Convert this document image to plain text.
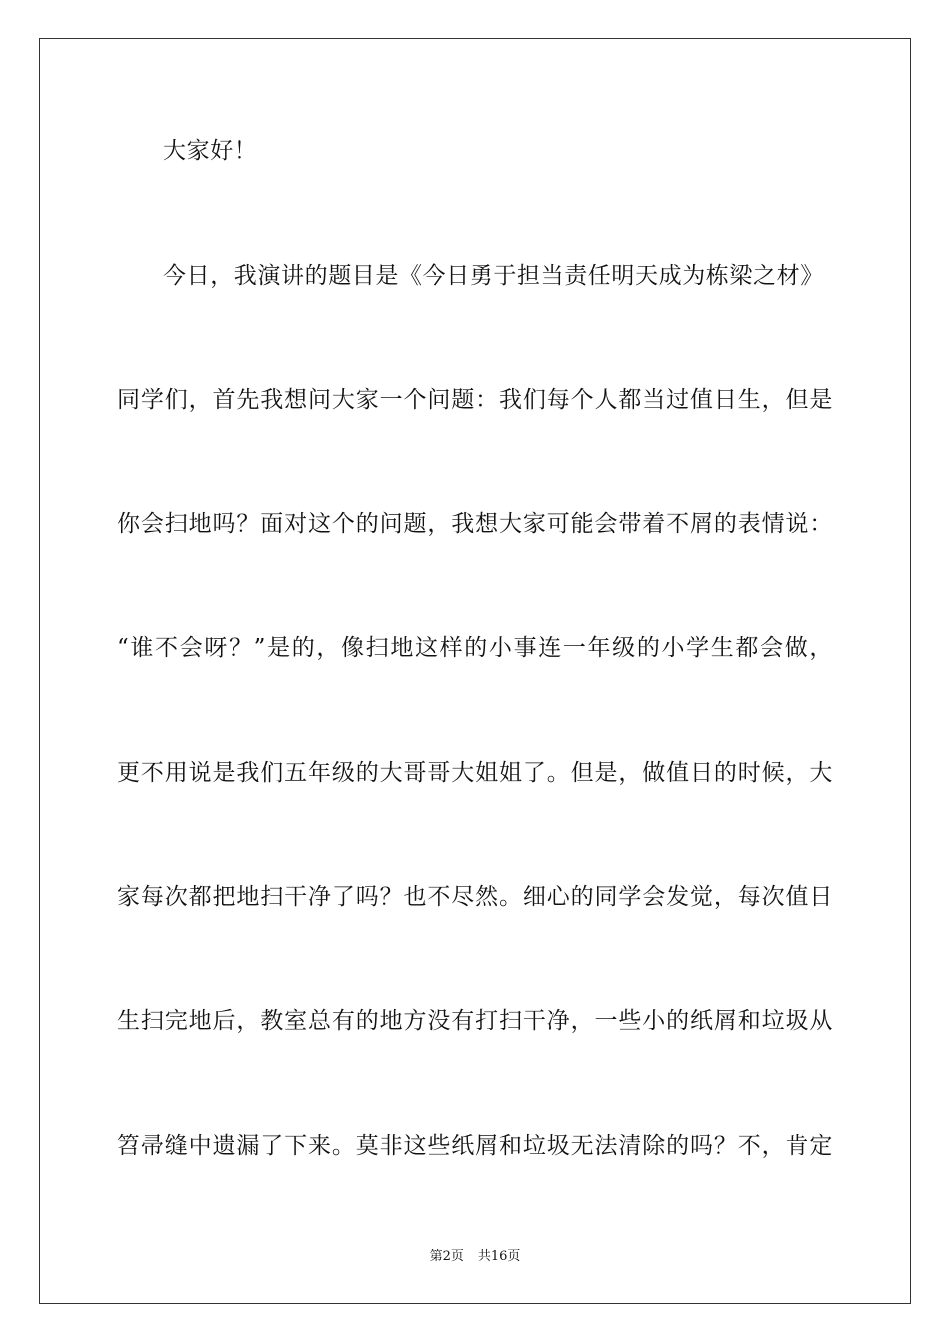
大家好！
今日，我演讲的题目是《今日勇于担当责任明天成为栋梁之材》
同学们，首先我想问大家一个问题：我们每个人都当过值日生，但是
你会扫地吗？面对这个的问题，我想大家可能会带着不屑的表情说：
“谁不会呀？”是的，像扫地这样的小事连一年级的小学生都会做，
更不用说是我们五年级的大哥哥大姐姐了。但是，做值日的时候，大
家每次都把地扫干净了吗？也不尽然。细心的同学会发觉，每次值日
生扫完地后，教室总有的地方没有打扫干净，一些小的纸屑和垃圾从
笤帚缝中遗漏了下来。莫非这些纸屑和垃圾无法清除的吗？不，肯定
第2页 共16页
